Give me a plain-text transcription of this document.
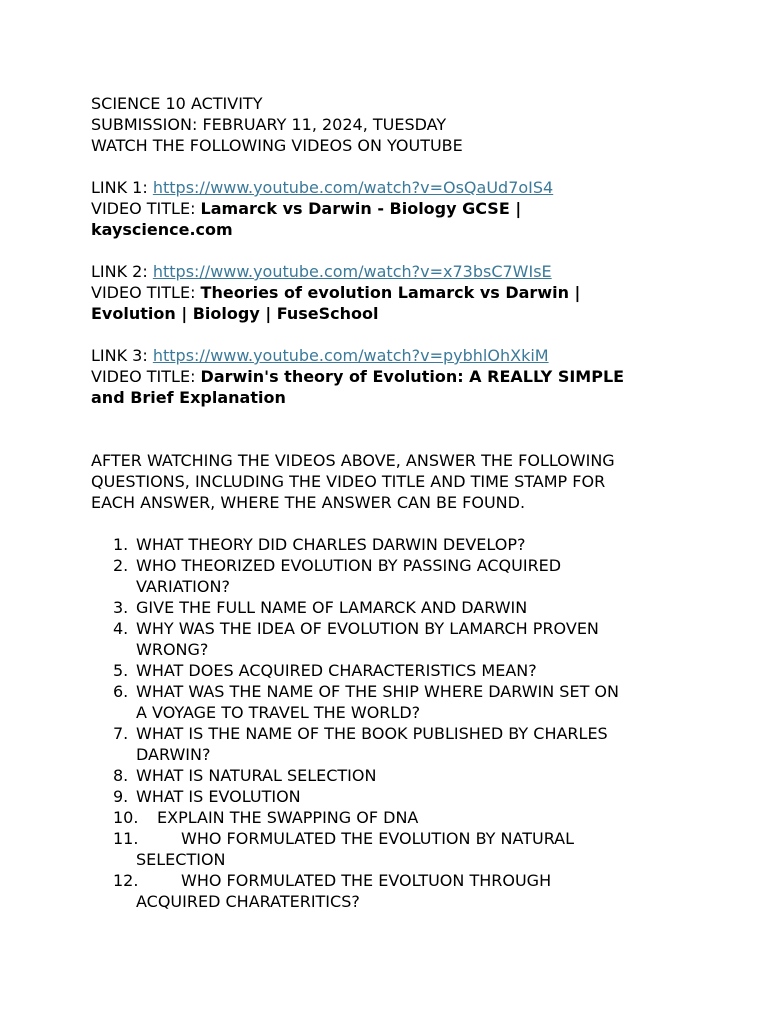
SCIENCE 10 ACTIVITY
SUBMISSION: FEBRUARY 11, 2024, TUESDAY
WATCH THE FOLLOWING VIDEOS ON YOUTUBE
LINK 1: https://www.youtube.com/watch?v=OsQaUd7oIS4
VIDEO TITLE: Lamarck vs Darwin - Biology GCSE |
kayscience.com
LINK 2: https://www.youtube.com/watch?v=x73bsC7WIsE
VIDEO TITLE: Theories of evolution Lamarck vs Darwin |
Evolution | Biology | FuseSchool
LINK 3: https://www.youtube.com/watch?v=pybhlOhXkiM
VIDEO TITLE: Darwin's theory of Evolution: A REALLY SIMPLE
and Brief Explanation
AFTER WATCHING THE VIDEOS ABOVE, ANSWER THE FOLLOWING
QUESTIONS, INCLUDING THE VIDEO TITLE AND TIME STAMP FOR
EACH ANSWER, WHERE THE ANSWER CAN BE FOUND.
1. WHAT THEORY DID CHARLES DARWIN DEVELOP?
2. WHO THEORIZED EVOLUTION BY PASSING ACQUIRED
VARIATION?
3. GIVE THE FULL NAME OF LAMARCK AND DARWIN
4. WHY WAS THE IDEA OF EVOLUTION BY LAMARCH PROVEN
WRONG?
5. WHAT DOES ACQUIRED CHARACTERISTICS MEAN?
6. WHAT WAS THE NAME OF THE SHIP WHERE DARWIN SET ON
A VOYAGE TO TRAVEL THE WORLD?
7. WHAT IS THE NAME OF THE BOOK PUBLISHED BY CHARLES
DARWIN?
8. WHAT IS NATURAL SELECTION
9. WHAT IS EVOLUTION
10.	EXPLAIN THE SWAPPING OF DNA
11.	WHO FORMULATED THE EVOLUTION BY NATURAL
SELECTION
12.	WHO FORMULATED THE EVOLTUON THROUGH
ACQUIRED CHARATERITICS?
